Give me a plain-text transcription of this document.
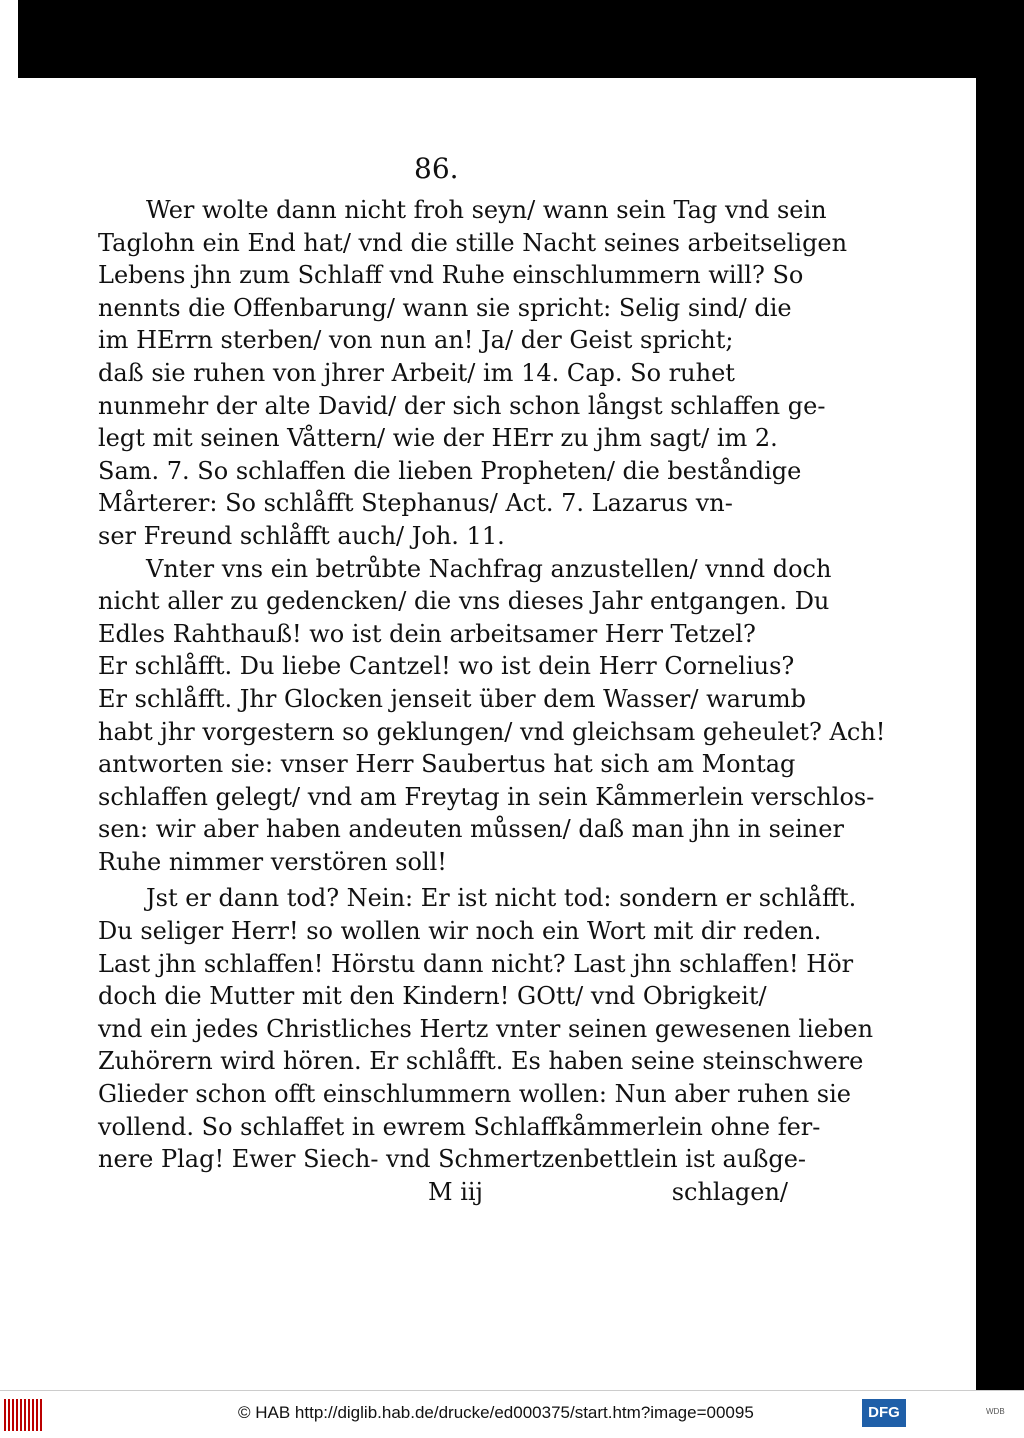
86.
Wer wolte dann nicht froh seyn/ wann sein Tag vnd sein
Taglohn ein End hat/ vnd die stille Nacht seines arbeitseligen
Lebens jhn zum Schlaff vnd Ruhe einschlummern will? So
nennts die Offenbarung/ wann sie spricht: Selig sind/ die
im HErrn sterben/ von nun an! Ja/ der Geist spricht;
daß sie ruhen von jhrer Arbeit/ im 14. Cap. So ruhet
nunmehr der alte David/ der sich schon långst schlaffen ge-
legt mit seinen Våttern/ wie der HErr zu jhm sagt/ im 2.
Sam. 7. So schlaffen die lieben Propheten/ die beståndige
Mårterer: So schlåfft Stephanus/ Act. 7. Lazarus vn-
ser Freund schlåfft auch/ Joh. 11.
Vnter vns ein betrůbte Nachfrag anzustellen/ vnnd doch
nicht aller zu gedencken/ die vns dieses Jahr entgangen. Du
Edles Rahthauß! wo ist dein arbeitsamer Herr Tetzel?
Er schlåfft. Du liebe Cantzel! wo ist dein Herr Cornelius?
Er schlåfft. Jhr Glocken jenseit über dem Wasser/ warumb
habt jhr vorgestern so geklungen/ vnd gleichsam geheulet? Ach!
antworten sie: vnser Herr Saubertus hat sich am Montag
schlaffen gelegt/ vnd am Freytag in sein Kåmmerlein verschlos-
sen: wir aber haben andeuten můssen/ daß man jhn in seiner
Ruhe nimmer verstören soll!
Jst er dann tod? Nein: Er ist nicht tod: sondern er schlåfft.
Du seliger Herr! so wollen wir noch ein Wort mit dir reden.
Last jhn schlaffen! Hörstu dann nicht? Last jhn schlaffen! Hör
doch die Mutter mit den Kindern! GOtt/ vnd Obrigkeit/
vnd ein jedes Christliches Hertz vnter seinen gewesenen lieben
Zuhörern wird hören. Er schlåfft. Es haben seine steinschwere
Glieder schon offt einschlummern wollen: Nun aber ruhen sie
vollend. So schlaffet in ewrem Schlaffkåmmerlein ohne fer-
nere Plag! Ewer Siech- vnd Schmertzenbettlein ist außge-
M iij	schlagen/
© HAB http://diglib.hab.de/drucke/ed000375/start.htm?image=00095	DFG	WDB
